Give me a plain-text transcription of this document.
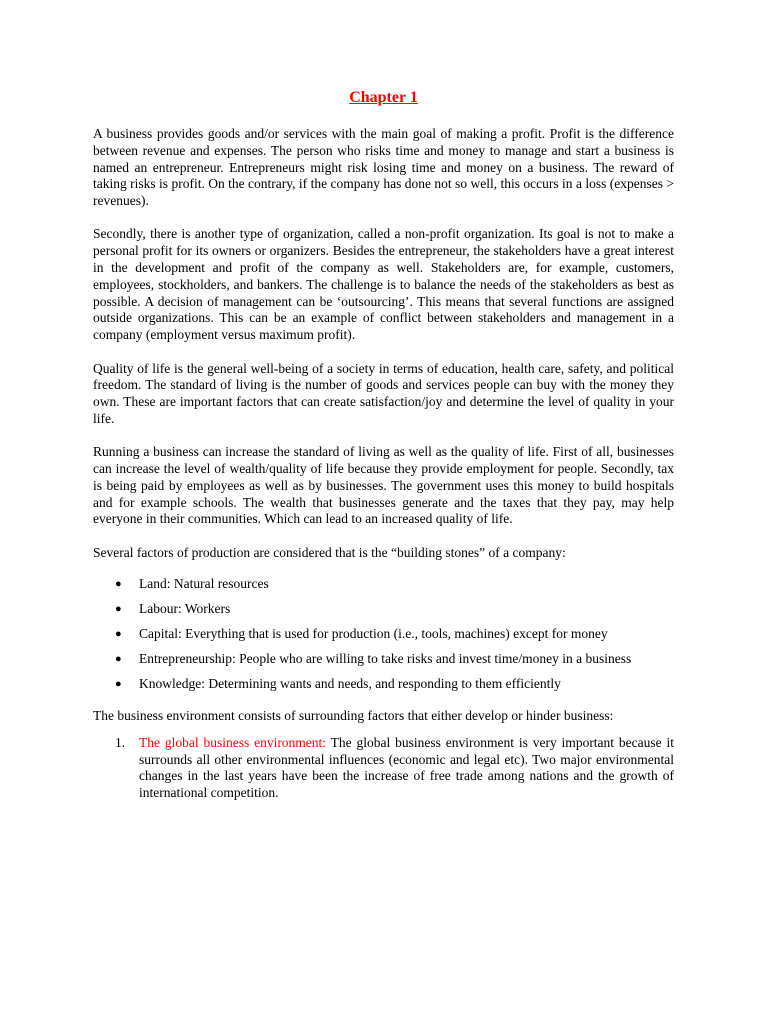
Chapter 1

A business provides goods and/or services with the main goal of making a profit. Profit is the difference between revenue and expenses. The person who risks time and money to manage and start a business is named an entrepreneur. Entrepreneurs might risk losing time and money on a business. The reward of taking risks is profit. On the contrary, if the company has done not so well, this occurs in a loss (expenses > revenues).

Secondly, there is another type of organization, called a non-profit organization. Its goal is not to make a personal profit for its owners or organizers. Besides the entrepreneur, the stakeholders have a great interest in the development and profit of the company as well. Stakeholders are, for example, customers, employees, stockholders, and bankers. The challenge is to balance the needs of the stakeholders as best as possible. A decision of management can be ‘outsourcing’. This means that several functions are assigned outside organizations. This can be an example of conflict between stakeholders and management in a company (employment versus maximum profit).

Quality of life is the general well-being of a society in terms of education, health care, safety, and political freedom. The standard of living is the number of goods and services people can buy with the money they own. These are important factors that can create satisfaction/joy and determine the level of quality in your life.

Running a business can increase the standard of living as well as the quality of life. First of all, businesses can increase the level of wealth/quality of life because they provide employment for people. Secondly, tax is being paid by employees as well as by businesses. The government uses this money to build hospitals and for example schools. The wealth that businesses generate and the taxes that they pay, may help everyone in their communities. Which can lead to an increased quality of life.

Several factors of production are considered that is the “building stones” of a company:

● Land: Natural resources
● Labour: Workers
● Capital: Everything that is used for production (i.e., tools, machines) except for money
● Entrepreneurship: People who are willing to take risks and invest time/money in a business
● Knowledge: Determining wants and needs, and responding to them efficiently

The business environment consists of surrounding factors that either develop or hinder business:

1. The global business environment: The global business environment is very important because it surrounds all other environmental influences (economic and legal etc). Two major environmental changes in the last years have been the increase of free trade among nations and the growth of international competition.
